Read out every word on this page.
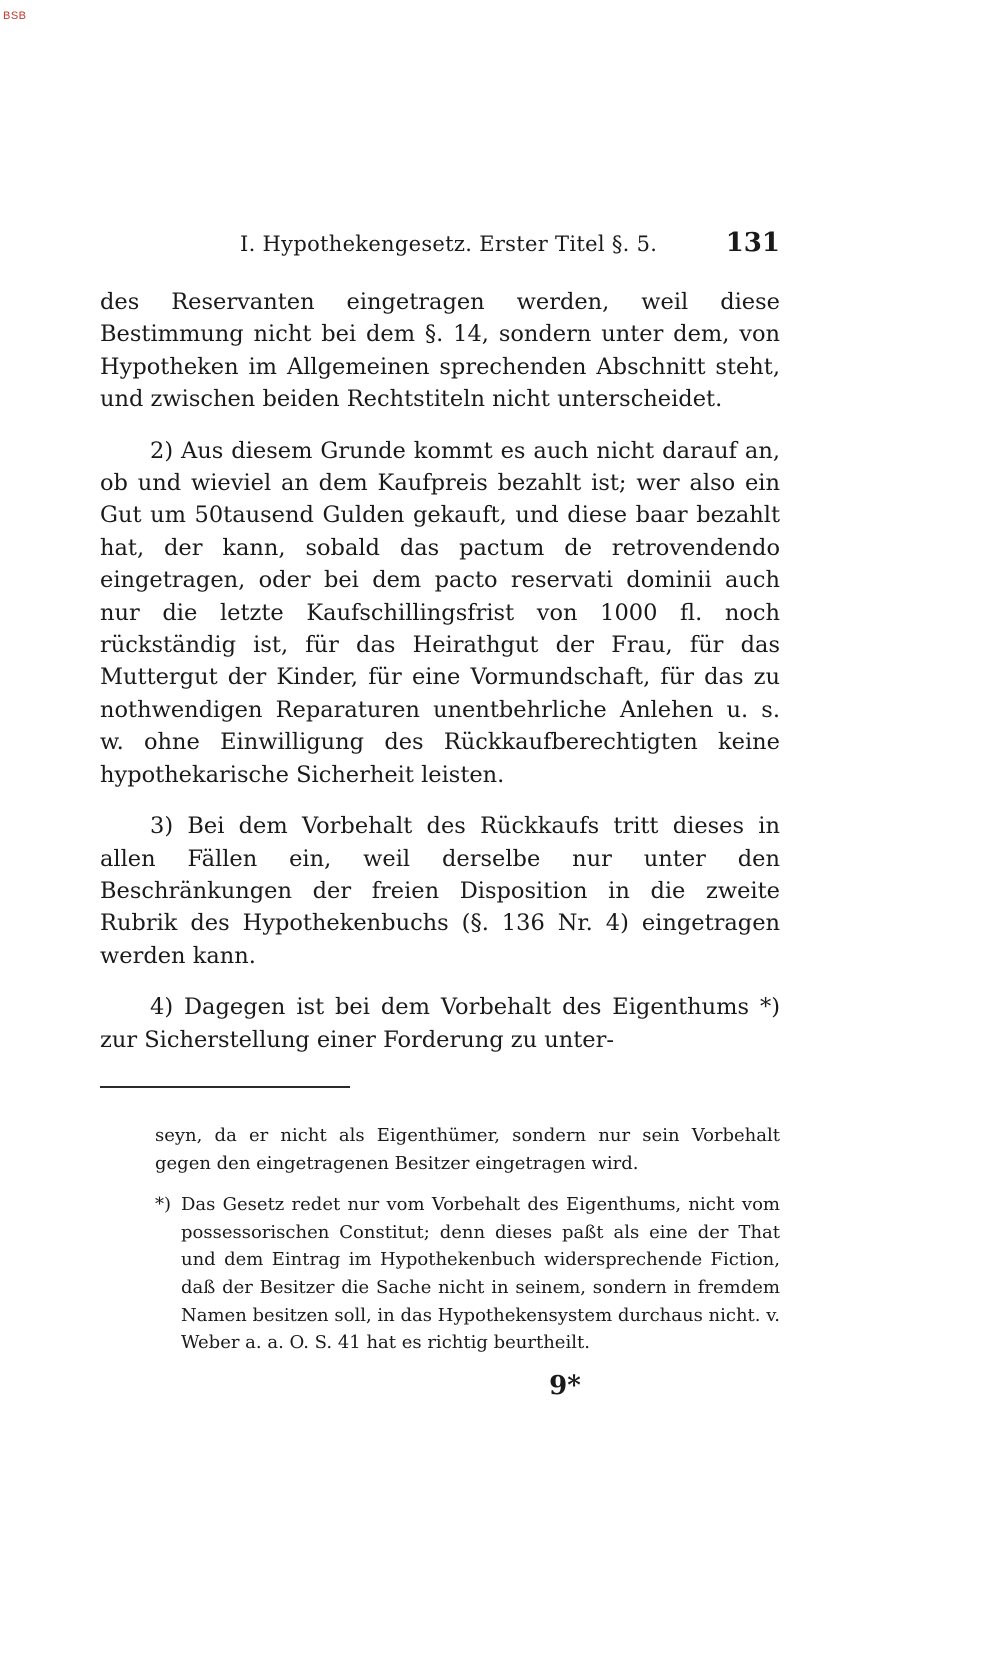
BSB
I. Hypothekengesetz. Erster Titel §. 5.	131

des Reservanten eingetragen werden, weil diese Bestimmung nicht bei dem §. 14, sondern unter dem, von Hypotheken im Allgemeinen sprechenden Abschnitt steht, und zwischen beiden Rechtstiteln nicht unterscheidet.

2) Aus diesem Grunde kommt es auch nicht darauf an, ob und wieviel an dem Kaufpreis bezahlt ist; wer also ein Gut um 50tausend Gulden gekauft, und diese baar bezahlt hat, der kann, sobald das pactum de retrovendendo eingetragen, oder bei dem pacto reservati dominii auch nur die letzte Kaufschillingsfrist von 1000 fl. noch rückständig ist, für das Heirathgut der Frau, für das Muttergut der Kinder, für eine Vormundschaft, für das zu nothwendigen Reparaturen unentbehrliche Anlehen u. s. w. ohne Einwilligung des Rückkaufberechtigten keine hypothekarische Sicherheit leisten.

3) Bei dem Vorbehalt des Rückkaufs tritt dieses in allen Fällen ein, weil derselbe nur unter den Beschränkungen der freien Disposition in die zweite Rubrik des Hypothekenbuchs (§. 136 Nr. 4) eingetragen werden kann.

4) Dagegen ist bei dem Vorbehalt des Eigenthums *) zur Sicherstellung einer Forderung zu unter-

seyn, da er nicht als Eigenthümer, sondern nur sein Vorbehalt gegen den eingetragenen Besitzer eingetragen wird.

*) Das Gesetz redet nur vom Vorbehalt des Eigenthums, nicht vom possessorischen Constitut; denn dieses paßt als eine der That und dem Eintrag im Hypothekenbuch widersprechende Fiction, daß der Besitzer die Sache nicht in seinem, sondern in fremdem Namen besitzen soll, in das Hypothekensystem durchaus nicht. v. Weber a. a. O. S. 41 hat es richtig beurtheilt.

9*
